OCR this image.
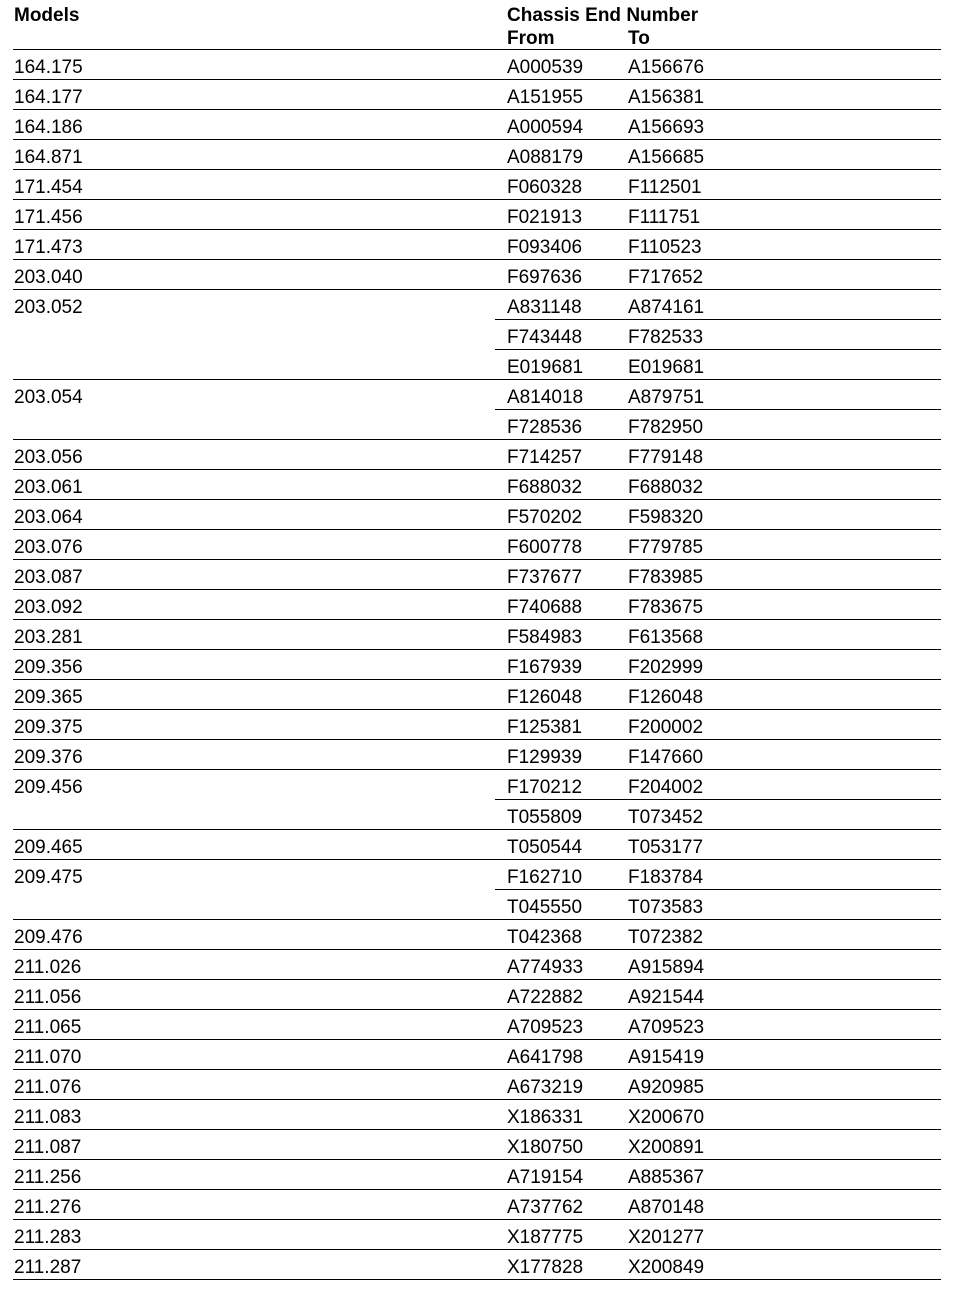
Models	Chassis End Number
From	To
164.175	A000539 A156676
164.177	A151955 A156381
164.186	A000594 A156693
164.871	A088179 A156685
171.454	F060328 F112501
171.456	F021913 F111751
171.473	F093406 F110523
203.040	F697636 F717652
203.052	A831148 A874161
F743448 F782533
E019681 E019681
203.054	A814018 A879751
F728536 F782950
203.056	F714257 F779148
203.061	F688032 F688032
203.064	F570202 F598320
203.076	F600778 F779785
203.087	F737677 F783985
203.092	F740688 F783675
203.281	F584983 F613568
209.356	F167939 F202999
209.365	F126048 F126048
209.375	F125381 F200002
209.376	F129939 F147660
209.456	F170212 F204002
T055809 T073452
209.465	T050544 T053177
209.475	F162710 F183784
T045550 T073583
209.476	T042368 T072382
211.026	A774933 A915894
211.056	A722882 A921544
211.065	A709523 A709523
211.070	A641798 A915419
211.076	A673219 A920985
211.083	X186331 X200670
211.087	X180750 X200891
211.256	A719154 A885367
211.276	A737762 A870148
211.283	X187775 X201277
211.287	X177828 X200849
